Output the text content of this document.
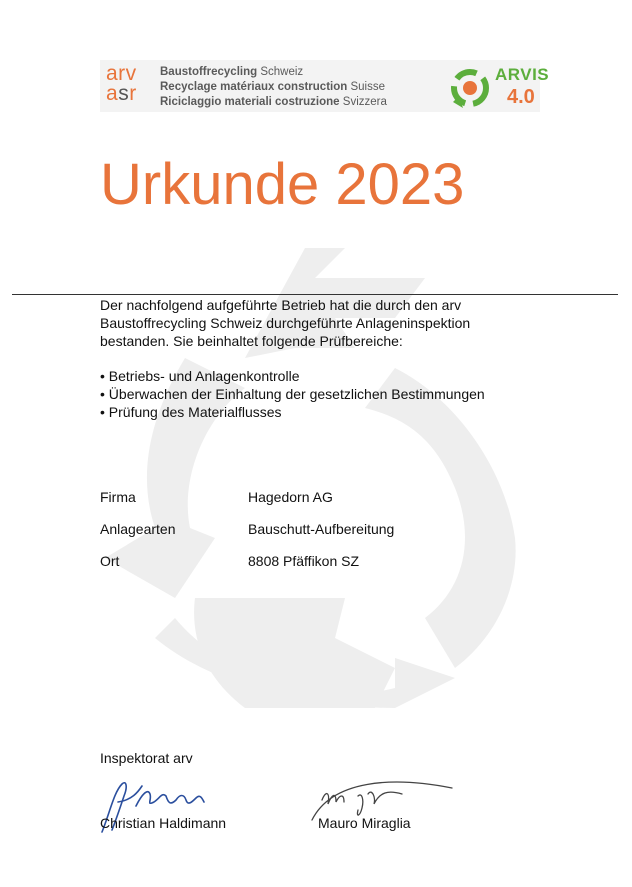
arv
asr
Baustoffrecycling Schweiz
Recyclage matériaux construction Suisse
Riciclaggio materiali costruzione Svizzera
ARVIS
4.0
Urkunde 2023
Der nachfolgend aufgeführte Betrieb hat die durch den arv Baustoffrecycling Schweiz durchgeführte Anlageninspektion bestanden. Sie beinhaltet folgende Prüfbereiche:
• Betriebs- und Anlagenkontrolle
• Überwachen der Einhaltung der gesetzlichen Bestimmungen
• Prüfung des Materialflusses
Firma	Hagedorn AG
Anlagearten	Bauschutt-Aufbereitung
Ort	8808 Pfäffikon SZ
Inspektorat arv
Christian Haldimann	Mauro Miraglia
